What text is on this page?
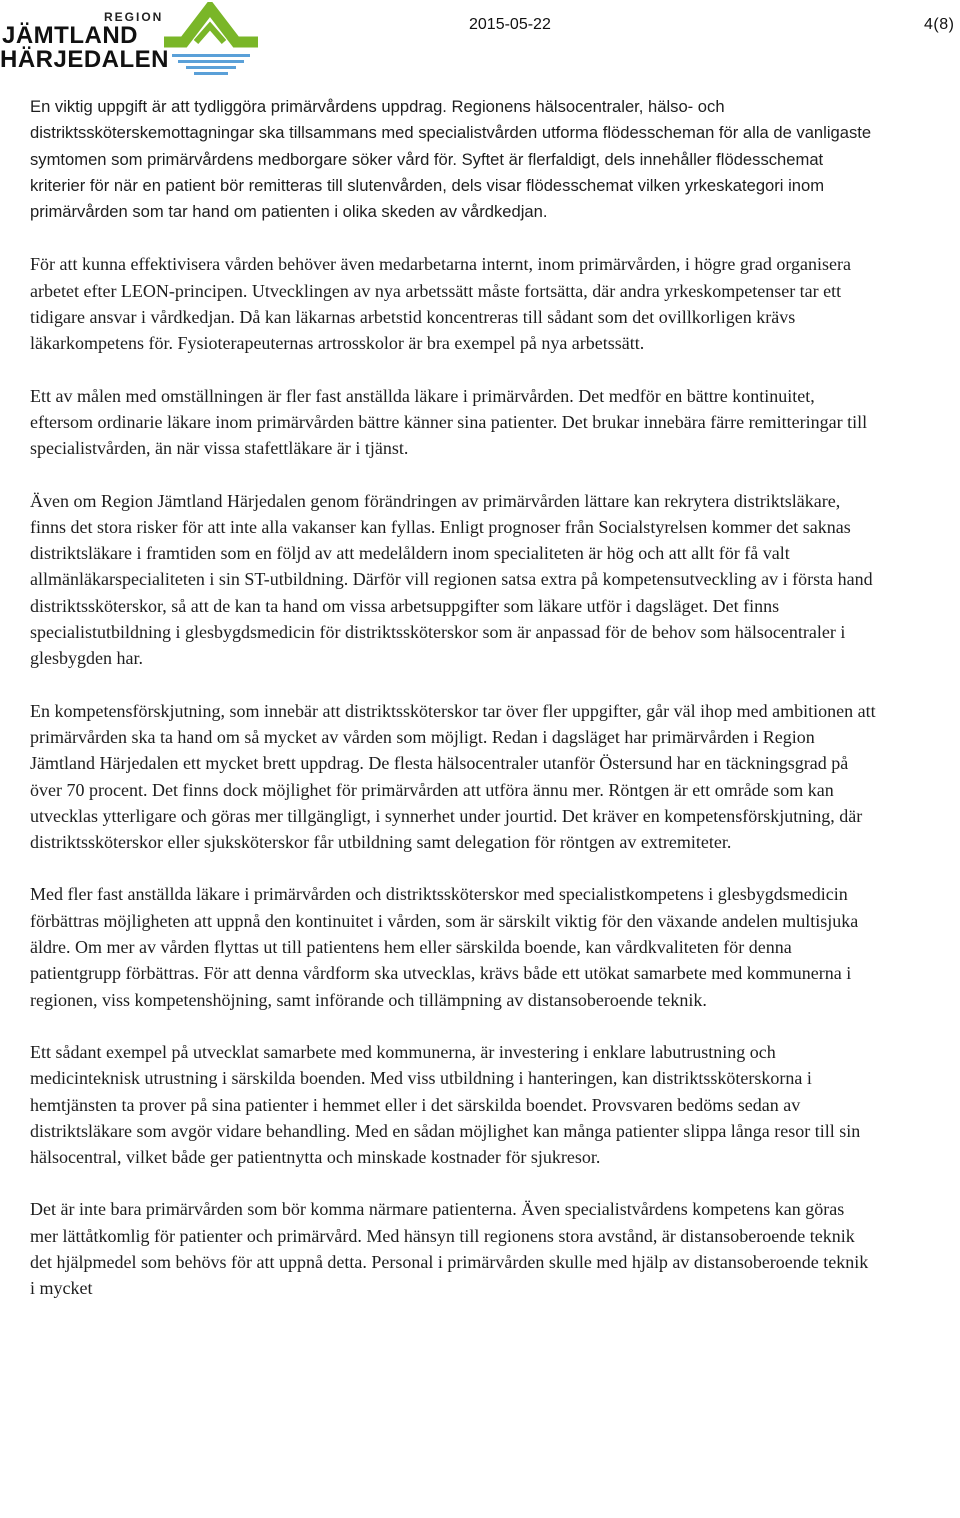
REGION
JÄMTLAND
HÄRJEDALEN
2015-05-22	4(8)

En viktig uppgift är att tydliggöra primärvårdens uppdrag. Regionens hälsocentraler, hälso- och distriktssköterskemottagningar ska tillsammans med specialistvården utforma flödesscheman för alla de vanligaste symtomen som primärvårdens medborgare söker vård för. Syftet är flerfaldigt, dels innehåller flödesschemat kriterier för när en patient bör remitteras till slutenvården, dels visar flödesschemat vilken yrkeskategori inom primärvården som tar hand om patienten i olika skeden av vårdkedjan.

För att kunna effektivisera vården behöver även medarbetarna internt, inom primärvården, i högre grad organisera arbetet efter LEON-principen. Utvecklingen av nya arbetssätt måste fortsätta, där andra yrkeskompetenser tar ett tidigare ansvar i vårdkedjan. Då kan läkarnas arbetstid koncentreras till sådant som det ovillkorligen krävs läkarkompetens för. Fysioterapeuternas artrosskolor är bra exempel på nya arbetssätt.

Ett av målen med omställningen är fler fast anställda läkare i primärvården. Det medför en bättre kontinuitet, eftersom ordinarie läkare inom primärvården bättre känner sina patienter. Det brukar innebära färre remitteringar till specialistvården, än när vissa stafettläkare är i tjänst.

Även om Region Jämtland Härjedalen genom förändringen av primärvården lättare kan rekrytera distriktsläkare, finns det stora risker för att inte alla vakanser kan fyllas. Enligt prognoser från Socialstyrelsen kommer det saknas distriktsläkare i framtiden som en följd av att medelåldern inom specialiteten är hög och att allt för få valt allmänläkarspecialiteten i sin ST-utbildning. Därför vill regionen satsa extra på kompetensutveckling av i första hand distriktssköterskor, så att de kan ta hand om vissa arbetsuppgifter som läkare utför i dagsläget. Det finns specialistutbildning i glesbygdsmedicin för distriktssköterskor som är anpassad för de behov som hälsocentraler i glesbygden har.

En kompetensförskjutning, som innebär att distriktssköterskor tar över fler uppgifter, går väl ihop med ambitionen att primärvården ska ta hand om så mycket av vården som möjligt. Redan i dagsläget har primärvården i Region Jämtland Härjedalen ett mycket brett uppdrag. De flesta hälsocentraler utanför Östersund har en täckningsgrad på över 70 procent. Det finns dock möjlighet för primärvården att utföra ännu mer. Röntgen är ett område som kan utvecklas ytterligare och göras mer tillgängligt, i synnerhet under jourtid. Det kräver en kompetensförskjutning, där distriktssköterskor eller sjuksköterskor får utbildning samt delegation för röntgen av extremiteter.

Med fler fast anställda läkare i primärvården och distriktssköterskor med specialistkompetens i glesbygdsmedicin förbättras möjligheten att uppnå den kontinuitet i vården, som är särskilt viktig för den växande andelen multisjuka äldre. Om mer av vården flyttas ut till patientens hem eller särskilda boende, kan vårdkvaliteten för denna patientgrupp förbättras. För att denna vårdform ska utvecklas, krävs både ett utökat samarbete med kommunerna i regionen, viss kompetenshöjning, samt införande och tillämpning av distansoberoende teknik.

Ett sådant exempel på utvecklat samarbete med kommunerna, är investering i enklare labutrustning och medicinteknisk utrustning i särskilda boenden. Med viss utbildning i hanteringen, kan distriktssköterskorna i hemtjänsten ta prover på sina patienter i hemmet eller i det särskilda boendet. Provsvaren bedöms sedan av distriktsläkare som avgör vidare behandling. Med en sådan möjlighet kan många patienter slippa långa resor till sin hälsocentral, vilket både ger patientnytta och minskade kostnader för sjukresor.

Det är inte bara primärvården som bör komma närmare patienterna. Även specialistvårdens kompetens kan göras mer lättåtkomlig för patienter och primärvård. Med hänsyn till regionens stora avstånd, är distansoberoende teknik det hjälpmedel som behövs för att uppnå detta. Personal i primärvården skulle med hjälp av distansoberoende teknik i mycket
